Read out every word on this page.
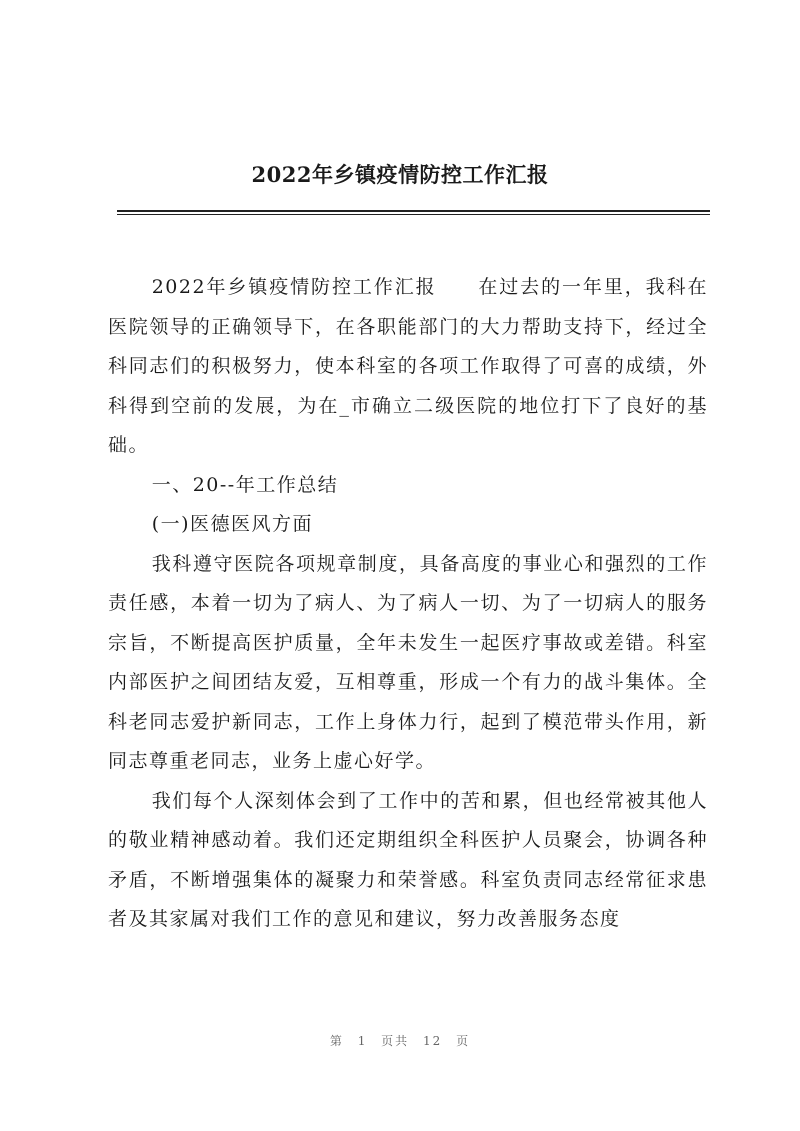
2022年乡镇疫情防控工作汇报

2022年乡镇疫情防控工作汇报　　在过去的一年里，我科在医院领导的正确领导下，在各职能部门的大力帮助支持下，经过全科同志们的积极努力，使本科室的各项工作取得了可喜的成绩，外科得到空前的发展，为在_市确立二级医院的地位打下了良好的基础。

一、20--年工作总结

(一)医德医风方面

我科遵守医院各项规章制度，具备高度的事业心和强烈的工作责任感，本着一切为了病人、为了病人一切、为了一切病人的服务宗旨，不断提高医护质量，全年未发生一起医疗事故或差错。科室内部医护之间团结友爱，互相尊重，形成一个有力的战斗集体。全科老同志爱护新同志，工作上身体力行，起到了模范带头作用，新同志尊重老同志，业务上虚心好学。

我们每个人深刻体会到了工作中的苦和累，但也经常被其他人的敬业精神感动着。我们还定期组织全科医护人员聚会，协调各种矛盾，不断增强集体的凝聚力和荣誉感。科室负责同志经常征求患者及其家属对我们工作的意见和建议，努力改善服务态度

第 1 页共 12 页
